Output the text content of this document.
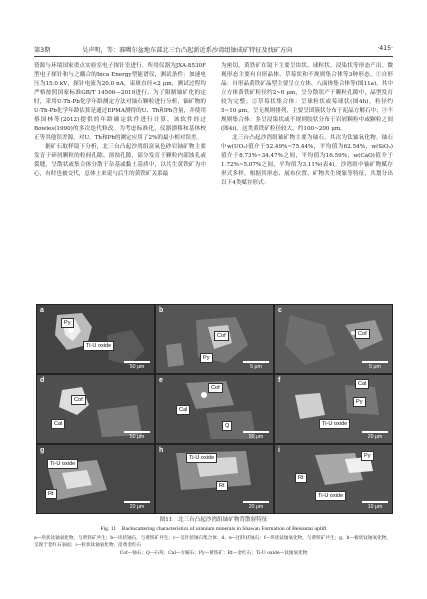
第3期	吴声明，等：准噶尔盆地东部北三台凸起新近系沙湾组铀成矿特征及找矿方向	·415·

资源与环境国家重点实验室电子探针室进行，所用仪器为JXA-8530F型电子探针和与之耦合的Inca Energy型能谱仪，测试条件：加速电压为15.0 kV，探针电流为20.0 nA，束斑直径<2 μm，测试过程均严格按照国家标准GB/T 14506—2019进行。为了限制铀矿化的定时，采用U-Th-Pb化学年龄测定方法对铀石颗粒进行分析，铀矿物的U-Th-Pb化学年龄估算是通过EPMA测得的U、Th和Pb含量，并使用蔡国林等(2012)提供的年龄确定软件进行计算，该软件经过Bowles(1990)的多次迭代修改。为考虑标准化、仪器漂移和基体校正等其他误差源，对U、Th和Pb的测定应用了2%的最小相对误差。

据矿石取样镜下分析，北三台凸起沙湾组富氧色砂岩铀矿物主要发育于碎屑颗粒的粒间孔隙、溶蚀孔隙，部分发育于颗粒内部蚀孔或裂缝，呈散状或集合体分散于杂基或黏土基质中，以共生黄铁矿为中心，有时也被交代，总体上来说与后生的黄铁矿关系最

为密切。黄铁矿在镜下主要呈块状、球粒状、浸染状等形态产出。微观形态主要有自形晶体、草莓状和不规则集合体等3种形态。①自形晶：自形晶黄铁矿晶型主要呈立方体、八面体集合体等(图11a)，其中立方体黄铁矿粒径约2~6 μm，呈分散状产于颗粒孔隙中，晶型发育较为完整；②草莓状集合体：呈球粒状或莓球状(图4h)，粒径约5~10 μm，呈无规则排列，主要呈团簇状分布于泥晶方解石中；③不规则集合体：多呈浸染状或不规则胶状分布于岩屑颗粒中或颗粒之间(图4i)，这类黄铁矿粒径较大，约100~200 μm。

北三台凸起沙湾组铀矿物主要为铀石，其次为钛铀氧化物。铀石中w(UO₂)值介于52.49%~75.44%，平均值为62.54%，w(SiO₂)值介于8.73%~34.47%之间，平均值为16.59%，w(CaO)值介于1.72%~5.07%之间，平均值为3.11%(表4)。沙湾组中铀矿物赋存形式多样，根据其形态、展布位置、矿物共生现象等特征，共划分出以下4类赋存形式：

a
Py
Ti-U oxide
50 μm
b
Cof
Py
5 μm
c
Cof
5 μm
d
Cof
Cal
50 μm
e
Cof
Cal
Q
50 μm
f	Cal
Py
Ti-U oxide
20 μm
g
Ti-U oxide
Rt
20 μm
h
Ti-U oxide
Rt
20 μm
i
Py
Rt
Ti-U oxide
10 μm
图11　北三台凸起沙湾组铀矿物背散射特征
Fig. 11　Backscattering characteristics of uranium minerals in Shawan Formation of Beisantai uplift
a—块状钛铀氧化物，与黄铁矿共生；b—块状铀石，与黄铁矿共生；c—呈针状铀石集合体；d、e—团块状铀石；f—块状钛铀氧化物，与黄铁矿共生；g、h—板状钛铀氧化物，呈现于金红石表面；i—粒状钛铀氧化物，沿黄金红石
Cof—铀石；Q—石英；Cal—方解石；Py—黄铁矿；Rt—金红石；Ti-U oxide—钛铀氧化物
